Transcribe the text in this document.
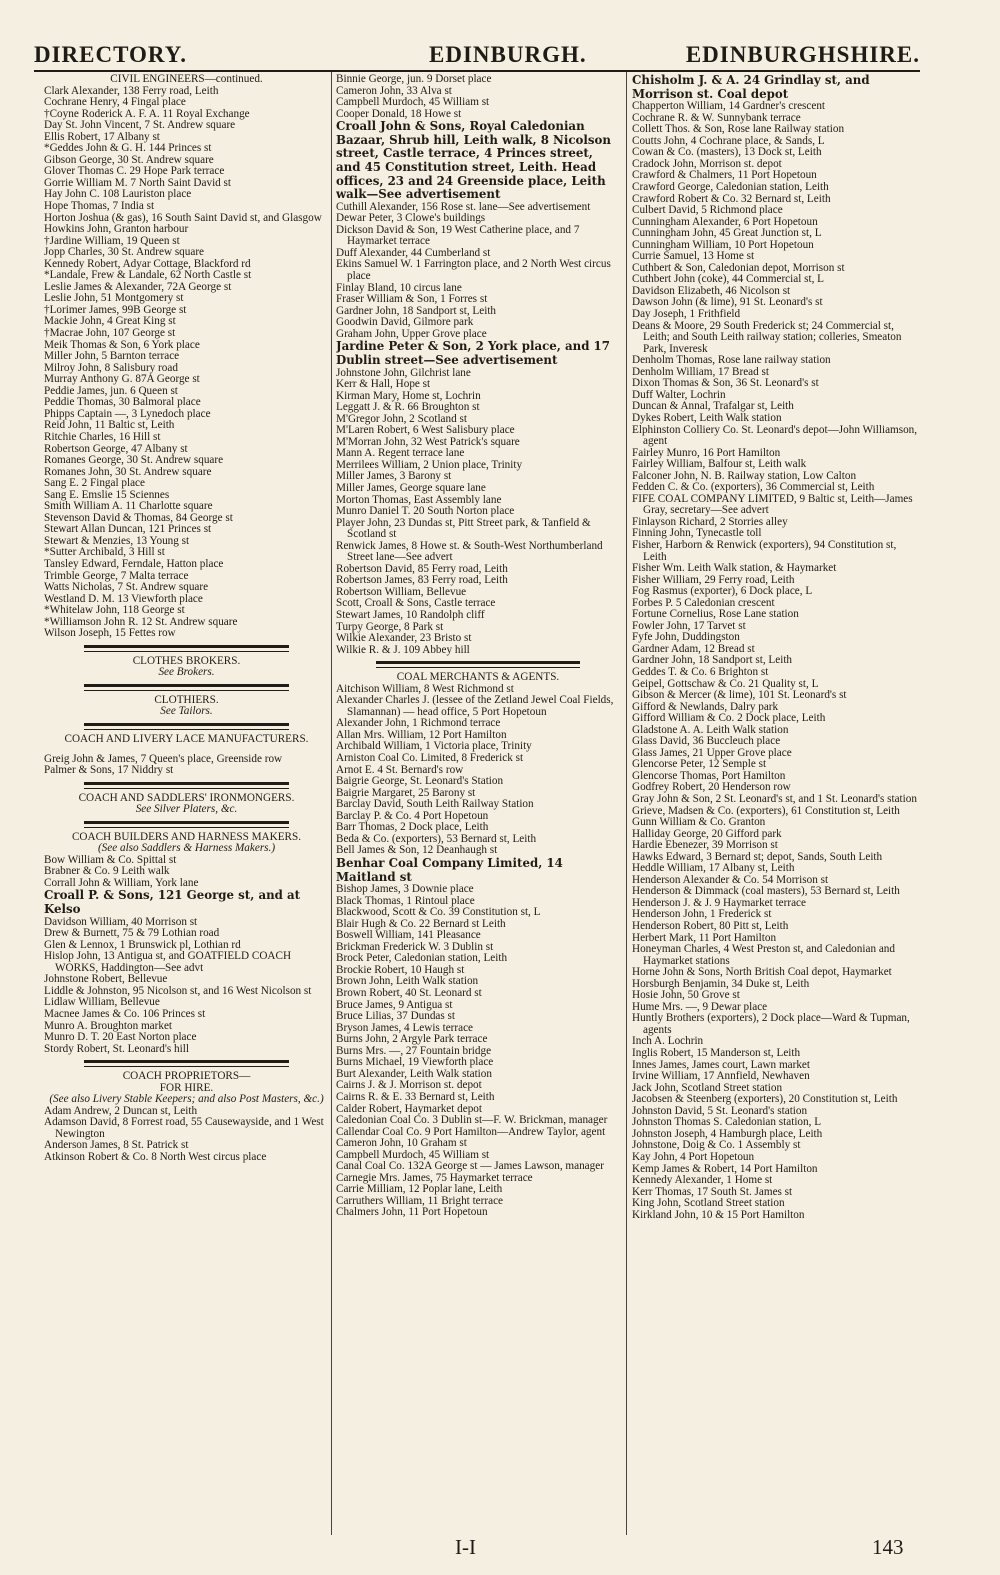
DIRECTORY.	EDINBURGH.	EDINBURGHSHIRE.
CIVIL ENGINEERS—continued.
Clark Alexander, 138 Ferry road, Leith
Cochrane Henry, 4 Fingal place
†Coyne Roderick A. F. A. 11 Royal Exchange
Day St. John Vincent, 7 St. Andrew square
Ellis Robert, 17 Albany st
*Geddes John & G. H. 144 Princes st
Gibson George, 30 St. Andrew square
Glover Thomas C. 29 Hope Park terrace
Gorrie William M. 7 North Saint David st
Hay John C. 108 Lauriston place
Hope Thomas, 7 India st
Horton Joshua (& gas), 16 South Saint David st, and Glasgow
Howkins John, Granton harbour
†Jardine William, 19 Queen st
Jopp Charles, 30 St. Andrew square
Kennedy Robert, Adyar Cottage, Blackford rd
*Landale, Frew & Landale, 62 North Castle st
Leslie James & Alexander, 72A George st
Leslie John, 51 Montgomery st
†Lorimer James, 99B George st
Mackie John, 4 Great King st
†Macrae John, 107 George st
Meik Thomas & Son, 6 York place
Miller John, 5 Barnton terrace
Milroy John, 8 Salisbury road
Murray Anthony G. 87A George st
Peddie James, jun. 6 Queen st
Peddie Thomas, 30 Balmoral place
Phipps Captain —, 3 Lynedoch place
Reid John, 11 Baltic st, Leith
Ritchie Charles, 16 Hill st
Robertson George, 47 Albany st
Romanes George, 30 St. Andrew square
Romanes John, 30 St. Andrew square
Sang E. 2 Fingal place
Sang E. Emslie 15 Sciennes
Smith William A. 11 Charlotte square
Stevenson David & Thomas, 84 George st
Stewart Allan Duncan, 121 Princes st
Stewart & Menzies, 13 Young st
*Sutter Archibald, 3 Hill st
Tansley Edward, Ferndale, Hatton place
Trimble George, 7 Malta terrace
Watts Nicholas, 7 St. Andrew square
Westland D. M. 13 Viewforth place
*Whitelaw John, 118 George st
*Williamson John R. 12 St. Andrew square
Wilson Joseph, 15 Fettes row
CLOTHES BROKERS.
See Brokers.
CLOTHIERS.
See Tailors.
COACH AND LIVERY LACE MANUFACTURERS.
Greig John & James, 7 Queen's place, Greenside row
Palmer & Sons, 17 Niddry st
COACH AND SADDLERS' IRONMONGERS.
See Silver Platers, &c.
COACH BUILDERS AND HARNESS MAKERS.
(See also Saddlers & Harness Makers.)
Bow William & Co. Spittal st
Brabner & Co. 9 Leith walk
Corrall John & William, York lane
Croall P. & Sons, 121 George st, and at Kelso
Davidson William, 40 Morrison st
Drew & Burnett, 75 & 79 Lothian road
Glen & Lennox, 1 Brunswick pl, Lothian rd
Hislop John, 13 Antigua st, and GOATFIELD COACH WORKS, Haddington—See advt
Johnstone Robert, Bellevue
Liddle & Johnston, 95 Nicolson st, and 16 West Nicolson st
Lidlaw William, Bellevue
Macnee James & Co. 106 Princes st
Munro A. Broughton market
Munro D. T. 20 East Norton place
Stordy Robert, St. Leonard's hill
COACH PROPRIETORS—
FOR HIRE.
(See also Livery Stable Keepers; and also Post Masters, &c.)
Adam Andrew, 2 Duncan st, Leith
Adamson David, 8 Forrest road, 55 Causewayside, and 1 West Newington
Anderson James, 8 St. Patrick st
Atkinson Robert & Co. 8 North West circus place
Binnie George, jun. 9 Dorset place
Cameron John, 33 Alva st
Campbell Murdoch, 45 William st
Cooper Donald, 18 Howe st
Croall John & Sons, Royal Caledonian Bazaar, Shrub hill, Leith walk, 8 Nicolson street, Castle terrace, 4 Princes street, and 45 Constitution street, Leith. Head offices, 23 and 24 Greenside place, Leith walk—See advertisement
Cuthill Alexander, 156 Rose st. lane—See advertisement
Dewar Peter, 3 Clowe's buildings
Dickson David & Son, 19 West Catherine place, and 7 Haymarket terrace
Duff Alexander, 44 Cumberland st
Ekins Samuel W. 1 Farrington place, and 2 North West circus place
Finlay Bland, 10 circus lane
Fraser William & Son, 1 Forres st
Gardner John, 18 Sandport st, Leith
Goodwin David, Gilmore park
Graham John, Upper Grove place
Jardine Peter & Son, 2 York place, and 17 Dublin street—See advertisement
Johnstone John, Gilchrist lane
Kerr & Hall, Hope st
Kirman Mary, Home st, Lochrin
Leggatt J. & R. 66 Broughton st
M'Gregor John, 2 Scotland st
M'Laren Robert, 6 West Salisbury place
M'Morran John, 32 West Patrick's square
Mann A. Regent terrace lane
Merrilees William, 2 Union place, Trinity
Miller James, 3 Barony st
Miller James, George square lane
Morton Thomas, East Assembly lane
Munro Daniel T. 20 South Norton place
Player John, 23 Dundas st, Pitt Street park, & Tanfield & Scotland st
Renwick James, 8 Howe st. & South-West Northumberland Street lane—See advert
Robertson David, 85 Ferry road, Leith
Robertson James, 83 Ferry road, Leith
Robertson William, Bellevue
Scott, Croall & Sons, Castle terrace
Stewart James, 10 Randolph cliff
Turpy George, 8 Park st
Wilkie Alexander, 23 Bristo st
Wilkie R. & J. 109 Abbey hill
COAL MERCHANTS & AGENTS.
Aitchison William, 8 West Richmond st
Alexander Charles J. (lessee of the Zetland Jewel Coal Fields, Slamannan) — head office, 5 Port Hopetoun
Alexander John, 1 Richmond terrace
Allan Mrs. William, 12 Port Hamilton
Archibald William, 1 Victoria place, Trinity
Arniston Coal Co. Limited, 8 Frederick st
Arnot E. 4 St. Bernard's row
Baigrie George, St. Leonard's Station
Baigrie Margaret, 25 Barony st
Barclay David, South Leith Railway Station
Barclay P. & Co. 4 Port Hopetoun
Barr Thomas, 2 Dock place, Leith
Beda & Co. (exporters), 53 Bernard st, Leith
Bell James & Son, 12 Deanhaugh st
Benhar Coal Company Limited, 14 Maitland st
Bishop James, 3 Downie place
Black Thomas, 1 Rintoul place
Blackwood, Scott & Co. 39 Constitution st, L
Blair Hugh & Co. 22 Bernard st Leith
Boswell William, 141 Pleasance
Brickman Frederick W. 3 Dublin st
Brock Peter, Caledonian station, Leith
Brockie Robert, 10 Haugh st
Brown John, Leith Walk station
Brown Robert, 40 St. Leonard st
Bruce James, 9 Antigua st
Bruce Lilias, 37 Dundas st
Bryson James, 4 Lewis terrace
Burns John, 2 Argyle Park terrace
Burns Mrs. —, 27 Fountain bridge
Burns Michael, 19 Viewforth place
Burt Alexander, Leith Walk station
Cairns J. & J. Morrison st. depot
Cairns R. & E. 33 Bernard st, Leith
Calder Robert, Haymarket depot
Caledonian Coal Co. 3 Dublin st—F. W. Brickman, manager
Callendar Coal Co. 9 Port Hamilton—Andrew Taylor, agent
Cameron John, 10 Graham st
Campbell Murdoch, 45 William st
Canal Coal Co. 132A George st — James Lawson, manager
Carnegie Mrs. James, 75 Haymarket terrace
Carrie Milliam, 12 Poplar lane, Leith
Carruthers William, 11 Bright terrace
Chalmers John, 11 Port Hopetoun
Chisholm J. & A. 24 Grindlay st, and Morrison st. Coal depot
Chapperton William, 14 Gardner's crescent
Cochrane R. & W. Sunnybank terrace
Collett Thos. & Son, Rose lane Railway station
Coutts John, 4 Cochrane place, & Sands, L
Cowan & Co. (masters), 13 Dock st, Leith
Cradock John, Morrison st. depot
Crawford & Chalmers, 11 Port Hopetoun
Crawford George, Caledonian station, Leith
Crawford Robert & Co. 32 Bernard st, Leith
Culbert David, 5 Richmond place
Cunningham Alexander, 6 Port Hopetoun
Cunningham John, 45 Great Junction st, L
Cunningham William, 10 Port Hopetoun
Currie Samuel, 13 Home st
Cuthbert & Son, Caledonian depot, Morrison st
Cuthbert John (coke), 44 Commercial st, L
Davidson Elizabeth, 46 Nicolson st
Dawson John (& lime), 91 St. Leonard's st
Day Joseph, 1 Frithfield
Deans & Moore, 29 South Frederick st; 24 Commercial st, Leith; and South Leith railway station; colleries, Smeaton Park, Inveresk
Denholm Thomas, Rose lane railway station
Denholm William, 17 Bread st
Dixon Thomas & Son, 36 St. Leonard's st
Duff Walter, Lochrin
Duncan & Annal, Trafalgar st, Leith
Dykes Robert, Leith Walk station
Elphinston Colliery Co. St. Leonard's depot—John Williamson, agent
Fairley Munro, 16 Port Hamilton
Fairley William, Balfour st, Leith walk
Falconer John, N. B. Railway station, Low Calton
Fedden C. & Co. (exporters), 36 Commercial st, Leith
FIFE COAL COMPANY LIMITED, 9 Baltic st, Leith—James Gray, secretary—See advert
Finlayson Richard, 2 Storries alley
Finning John, Tynecastle toll
Fisher, Harborn & Renwick (exporters), 94 Constitution st, Leith
Fisher Wm. Leith Walk station, & Haymarket
Fisher William, 29 Ferry road, Leith
Fog Rasmus (exporter), 6 Dock place, L
Forbes P. 5 Caledonian crescent
Fortune Cornelius, Rose Lane station
Fowler John, 17 Tarvet st
Fyfe John, Duddingston
Gardner Adam, 12 Bread st
Gardner John, 18 Sandport st, Leith
Geddes T. & Co. 6 Brighton st
Geipel, Gottschaw & Co. 21 Quality st, L
Gibson & Mercer (& lime), 101 St. Leonard's st
Gifford & Newlands, Dalry park
Gifford William & Co. 2 Dock place, Leith
Gladstone A. A. Leith Walk station
Glass David, 36 Buccleuch place
Glass James, 21 Upper Grove place
Glencorse Peter, 12 Semple st
Glencorse Thomas, Port Hamilton
Godfrey Robert, 20 Henderson row
Gray John & Son, 2 St. Leonard's st, and 1 St. Leonard's station
Grieve, Madsen & Co. (exporters), 61 Constitution st, Leith
Gunn William & Co. Granton
Halliday George, 20 Gifford park
Hardie Ebenezer, 39 Morrison st
Hawks Edward, 3 Bernard st; depot, Sands, South Leith
Heddle William, 17 Albany st, Leith
Henderson Alexander & Co. 54 Morrison st
Henderson & Dimmack (coal masters), 53 Bernard st, Leith
Henderson J. & J. 9 Haymarket terrace
Henderson John, 1 Frederick st
Henderson Robert, 80 Pitt st, Leith
Herbert Mark, 11 Port Hamilton
Honeyman Charles, 4 West Preston st, and Caledonian and Haymarket stations
Horne John & Sons, North British Coal depot, Haymarket
Horsburgh Benjamin, 34 Duke st, Leith
Hosie John, 50 Grove st
Hume Mrs. —, 9 Dewar place
Huntly Brothers (exporters), 2 Dock place—Ward & Tupman, agents
Inch A. Lochrin
Inglis Robert, 15 Manderson st, Leith
Innes James, James court, Lawn market
Irvine William, 17 Annfield, Newhaven
Jack John, Scotland Street station
Jacobsen & Steenberg (exporters), 20 Constitution st, Leith
Johnston David, 5 St. Leonard's station
Johnston Thomas S. Caledonian station, L
Johnston Joseph, 4 Hamburgh place, Leith
Johnstone, Doig & Co. 1 Assembly st
Kay John, 4 Port Hopetoun
Kemp James & Robert, 14 Port Hamilton
Kennedy Alexander, 1 Home st
Kerr Thomas, 17 South St. James st
King John, Scotland Street station
Kirkland John, 10 & 15 Port Hamilton
I-I	143
